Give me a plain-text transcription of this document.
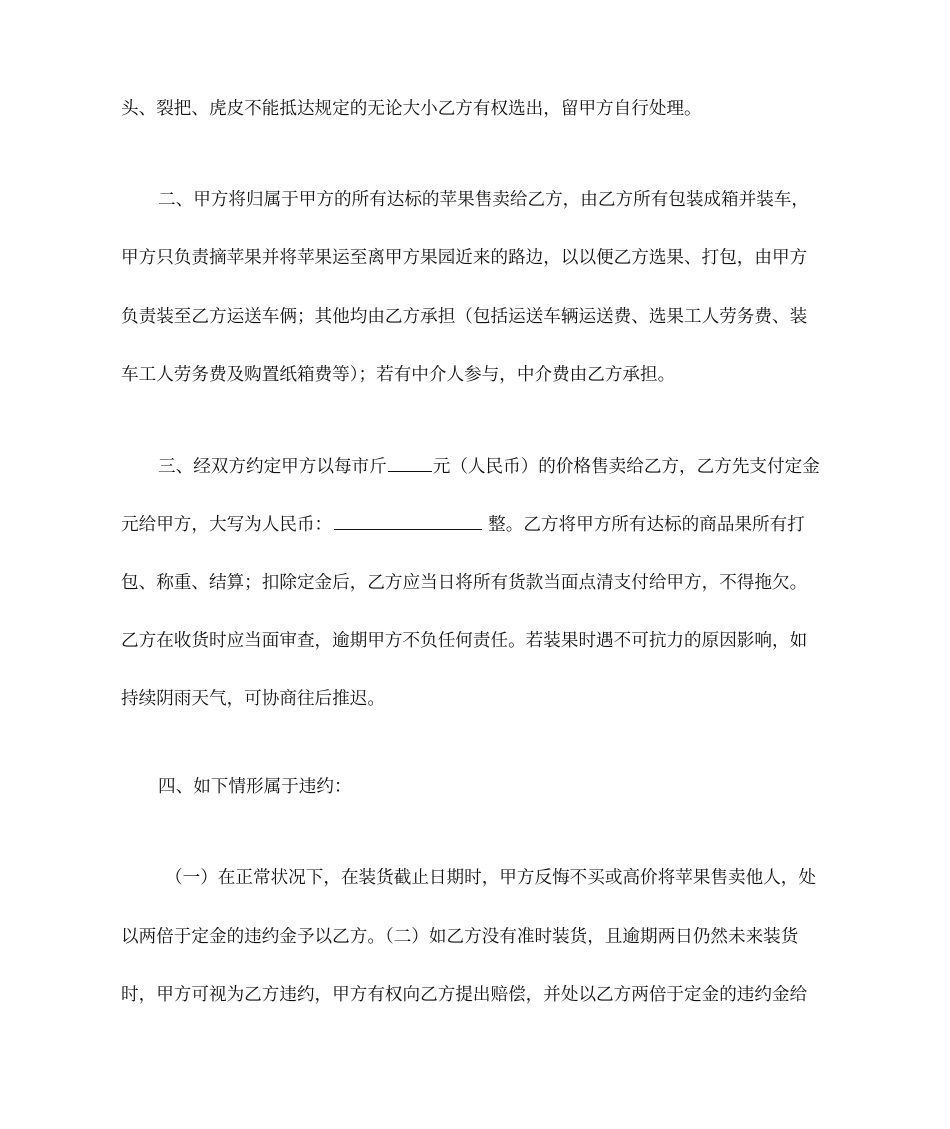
头、裂把、虎皮不能抵达规定的无论大小乙方有权选出，留甲方自行处理。
二、甲方将归属于甲方的所有达标的苹果售卖给乙方，由乙方所有包装成箱并装车，
甲方只负责摘苹果并将苹果运至离甲方果园近来的路边，以以便乙方选果、打包，由甲方
负责装至乙方运送车俩；其他均由乙方承担（包括运送车辆运送费、选果工人劳务费、装
车工人劳务费及购置纸箱费等）；若有中介人参与，中介费由乙方承担。
三、经双方约定甲方以每市斤	元（人民币）的价格售卖给乙方，乙方先支付定金
元给甲方，大写为人民币：	整。乙方将甲方所有达标的商品果所有打
包、称重、结算；扣除定金后，乙方应当日将所有货款当面点清支付给甲方，不得拖欠。
乙方在收货时应当面审查，逾期甲方不负任何责任。若装果时遇不可抗力的原因影响，如
持续阴雨天气，可协商往后推迟。
四、如下情形属于违约：
（一）在正常状况下，在装货截止日期时，甲方反悔不买或高价将苹果售卖他人，处
以两倍于定金的违约金予以乙方。（二）如乙方没有准时装货，且逾期两日仍然未来装货
时，甲方可视为乙方违约，甲方有权向乙方提出赔偿，并处以乙方两倍于定金的违约金给
